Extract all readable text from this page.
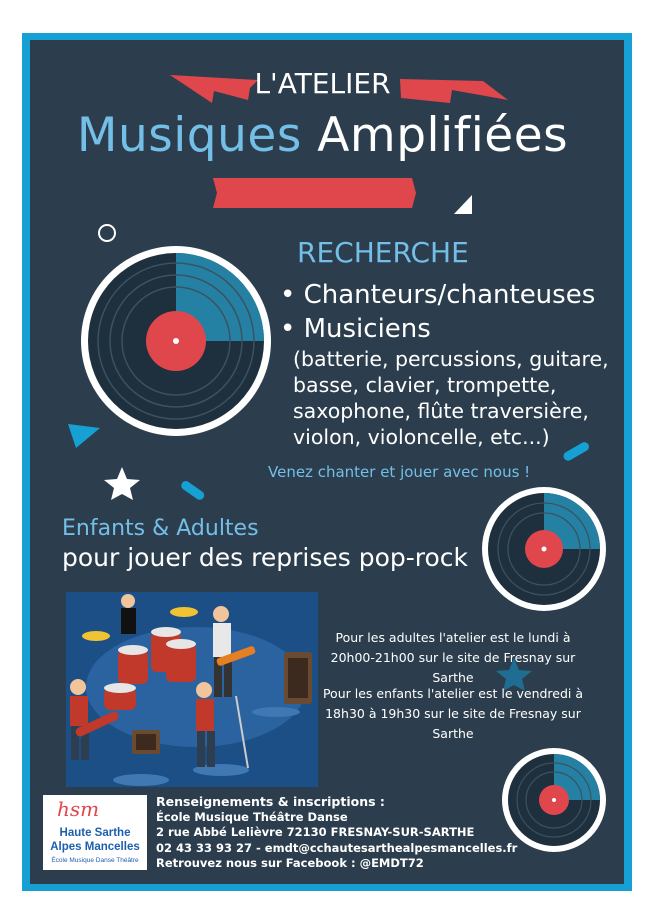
L'ATELIER
Musiques Amplifiées
RECHERCHE
• Chanteurs/chanteuses
• Musiciens
(batterie, percussions, guitare,
basse, clavier, trompette,
saxophone, flûte traversière,
violon, violoncelle, etc...)
Venez chanter et jouer avec nous !
Enfants & Adultes
pour jouer des reprises pop-rock
Pour les adultes l'atelier est le lundi à
20h00-21h00 sur le site de Fresnay sur Sarthe
Pour les enfants l'atelier est le vendredi à
18h30 à 19h30 sur le site de Fresnay sur Sarthe
hsm
Haute Sarthe
Alpes Mancelles
École Musique Danse Théâtre
Renseignements & inscriptions :
École Musique Théâtre Danse
2 rue Abbé Lelièvre 72130 FRESNAY-SUR-SARTHE
02 43 33 93 27 - emdt@cchautesarthealpesmancelles.fr
Retrouvez nous sur Facebook : @EMDT72
